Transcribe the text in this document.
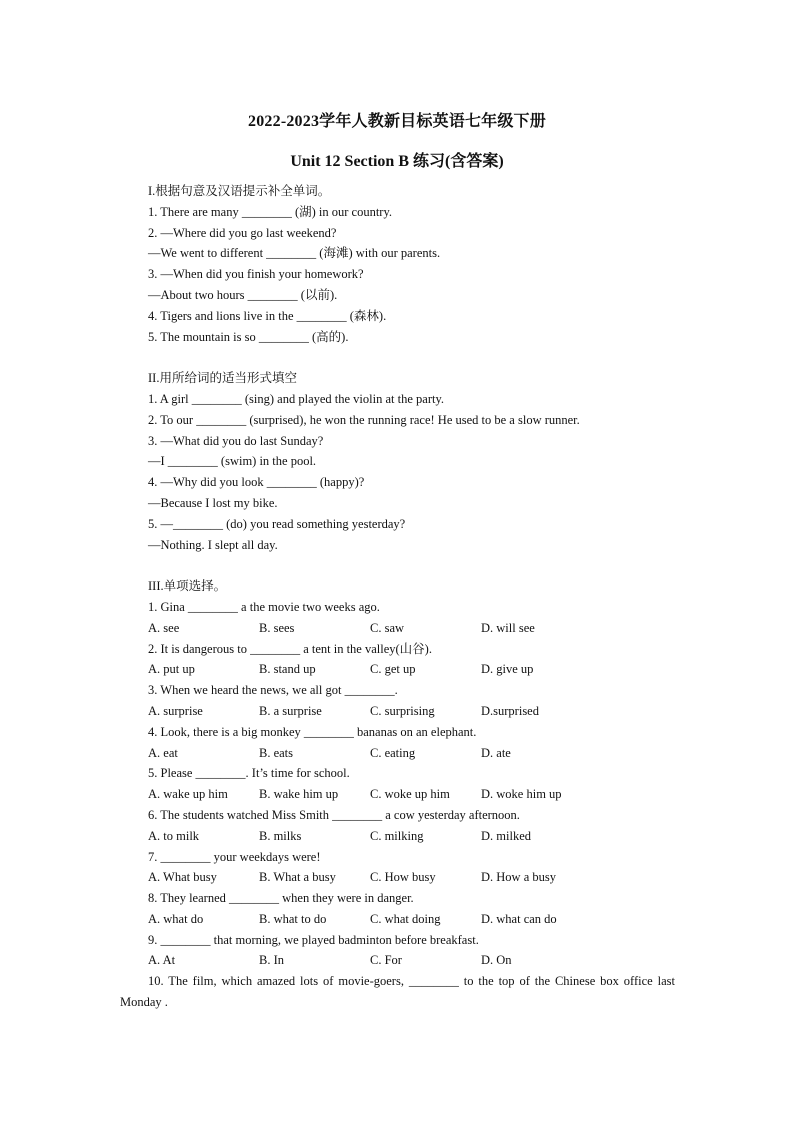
2022-2023学年人教新目标英语七年级下册
Unit 12 Section B 练习(含答案)
I.根据句意及汉语提示补全单词。
1. There are many ________ (湖) in our country.
2. —Where did you go last weekend?
—We went to different ________ (海滩) with our parents.
3. —When did you finish your homework?
—About two hours ________ (以前).
4. Tigers and lions live in the ________ (森林).
5. The mountain is so ________ (高的).
II.用所给词的适当形式填空
1. A girl ________ (sing) and played the violin at the party.
2. To our ________ (surprised), he won the running race! He used to be a slow runner.
3. —What did you do last Sunday?
—I ________ (swim) in the pool.
4. —Why did you look ________ (happy)?
—Because I lost my bike.
5. —________ (do) you read something yesterday?
—Nothing. I slept all day.
III.单项选择。
1. Gina ________ a the movie two weeks ago.
A. see	B. sees	C. saw	D. will see
2. It is dangerous to ________ a tent in the valley(山谷).
A. put up	B. stand up	C. get up	D. give up
3. When we heard the news, we all got ________.
A. surprise	B. a surprise	C. surprising	D.surprised
4. Look, there is a big monkey ________ bananas on an elephant.
A. eat	B. eats	C. eating	D. ate
5. Please ________. It’s time for school.
A. wake up him	B. wake him up	C. woke up him	D. woke him up
6. The students watched Miss Smith ________ a cow yesterday afternoon.
A. to milk	B. milks	C. milking	D. milked
7. ________ your weekdays were!
A. What busy	B. What a busy	C. How busy	D. How a busy
8. They learned ________ when they were in danger.
A. what do	B. what to do	C. what doing	D. what can do
9. ________ that morning, we played badminton before breakfast.
A. At	B. In	C. For	D. On
10. The film, which amazed lots of movie-goers, ________ to the top of the Chinese box office last Monday .
